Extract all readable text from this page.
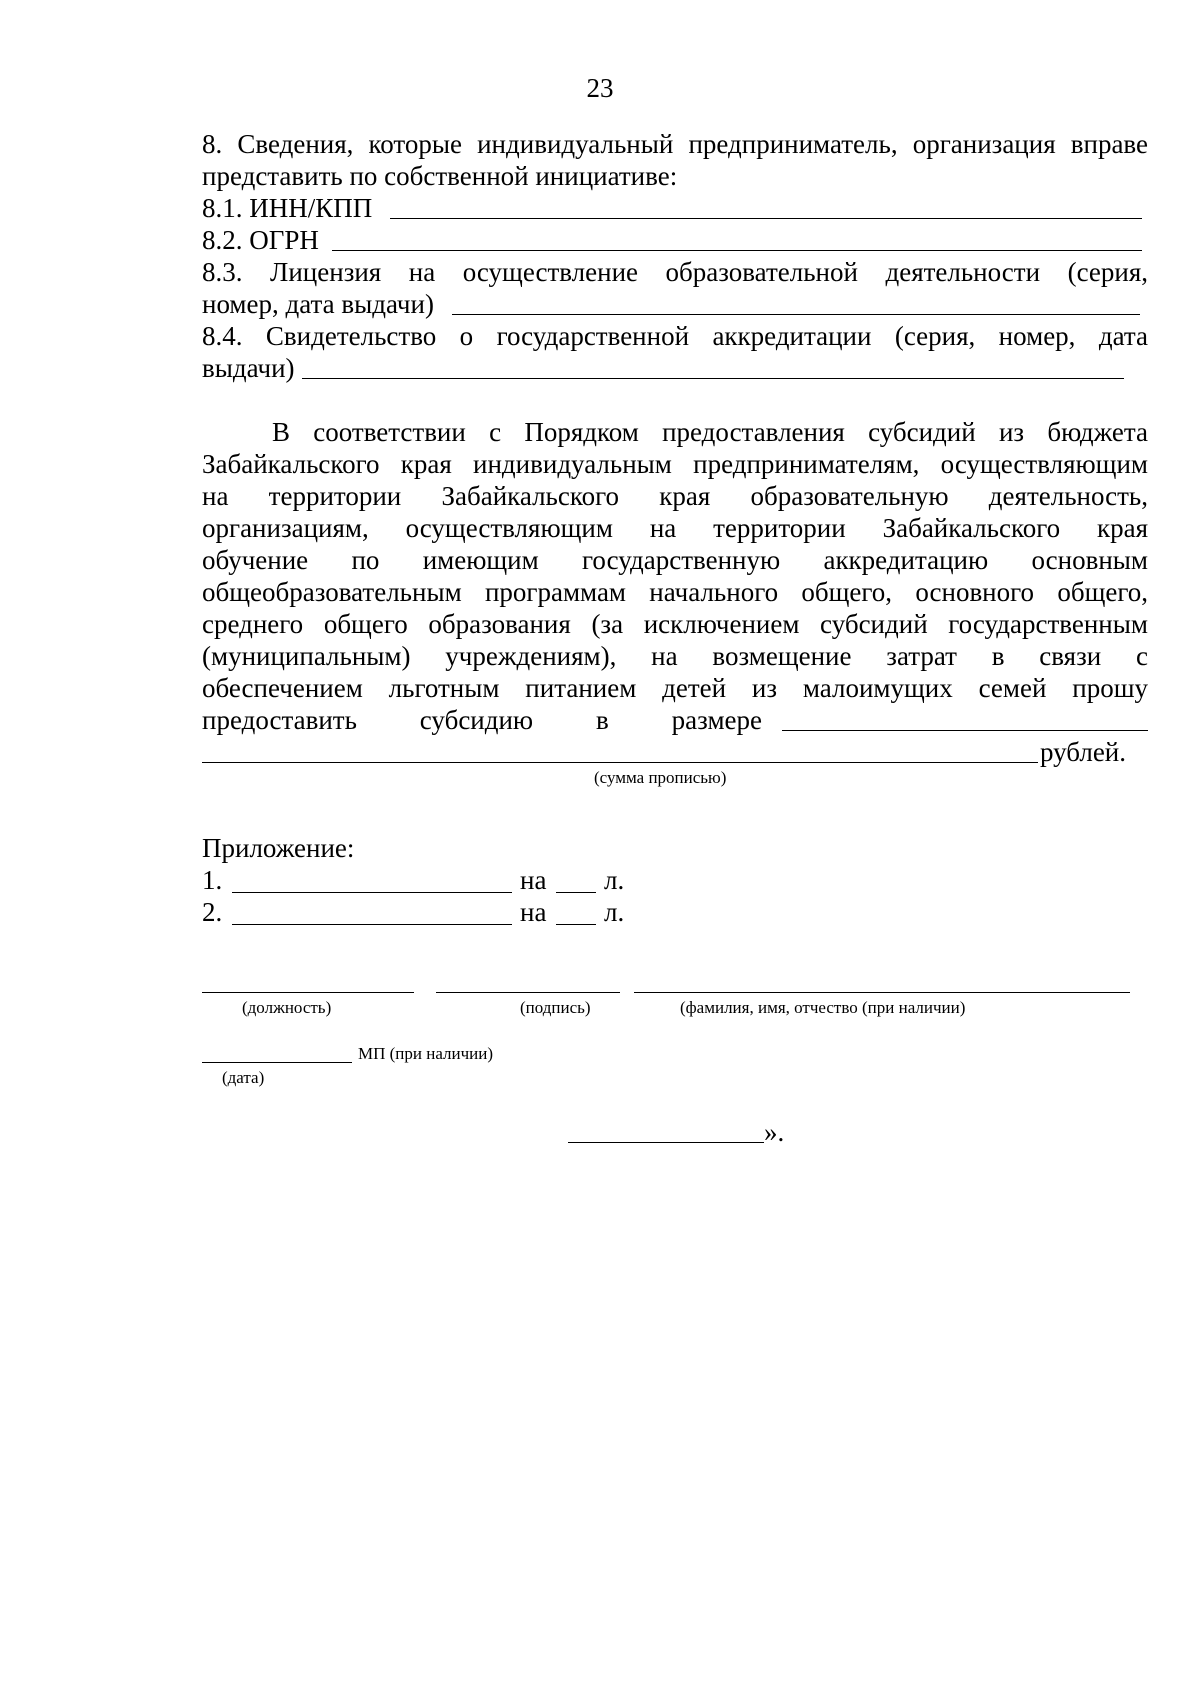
23
8. Сведения, которые индивидуальный предприниматель, организация вправе
представить по собственной инициативе:
8.1. ИНН/КПП
8.2. ОГРН
8.3. Лицензия на осуществление образовательной деятельности (серия,
номер, дата выдачи)
8.4. Свидетельство о государственной аккредитации (серия, номер, дата
выдачи)
В соответствии с Порядком предоставления субсидий из бюджета
Забайкальского края индивидуальным предпринимателям, осуществляющим
на территории Забайкальского края образовательную деятельность,
организациям, осуществляющим на территории Забайкальского края
обучение по имеющим государственную аккредитацию основным
общеобразовательным программам начального общего, основного общего,
среднего общего образования (за исключением субсидий государственным
(муниципальным) учреждениям), на возмещение затрат в связи с
обеспечением льготным питанием детей из малоимущих семей прошу
предоставить субсидию в размере
рублей.
(сумма прописью)
Приложение:
1.	на л.
2.	на л.
(должность)	(подпись)	(фамилия, имя, отчество (при наличии)
МП (при наличии)
(дата)
».
